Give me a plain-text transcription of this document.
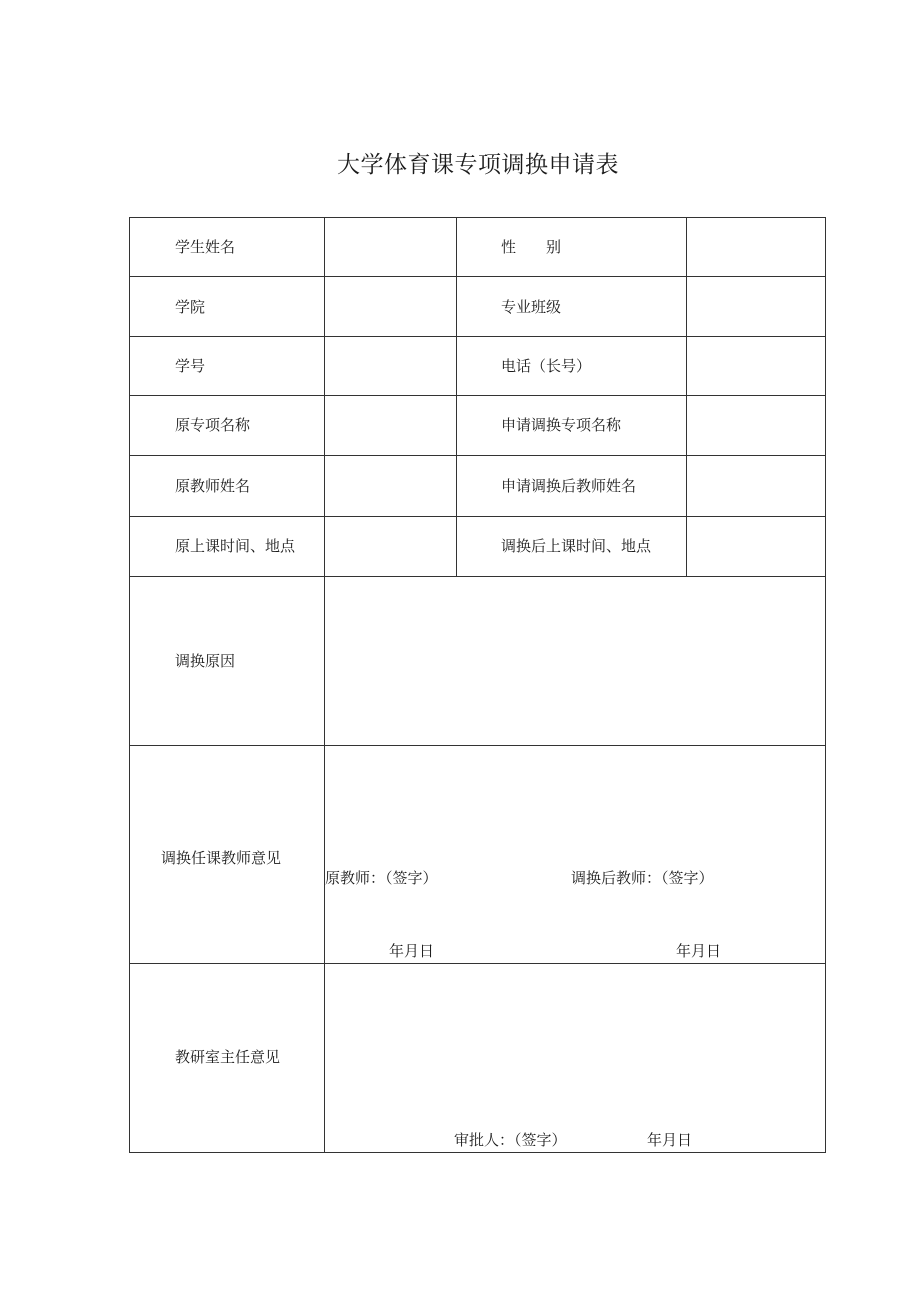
大学体育课专项调换申请表
学生姓名	性　　别
学院	专业班级
学号	电话（长号）
原专项名称	申请调换专项名称
原教师姓名	申请调换后教师姓名
原上课时间、地点	调换后上课时间、地点
调换原因
调换任课教师意见
原教师：（签字）	调换后教师：（签字）
年月日	年月日
教研室主任意见
审批人：（签字）	年月日
